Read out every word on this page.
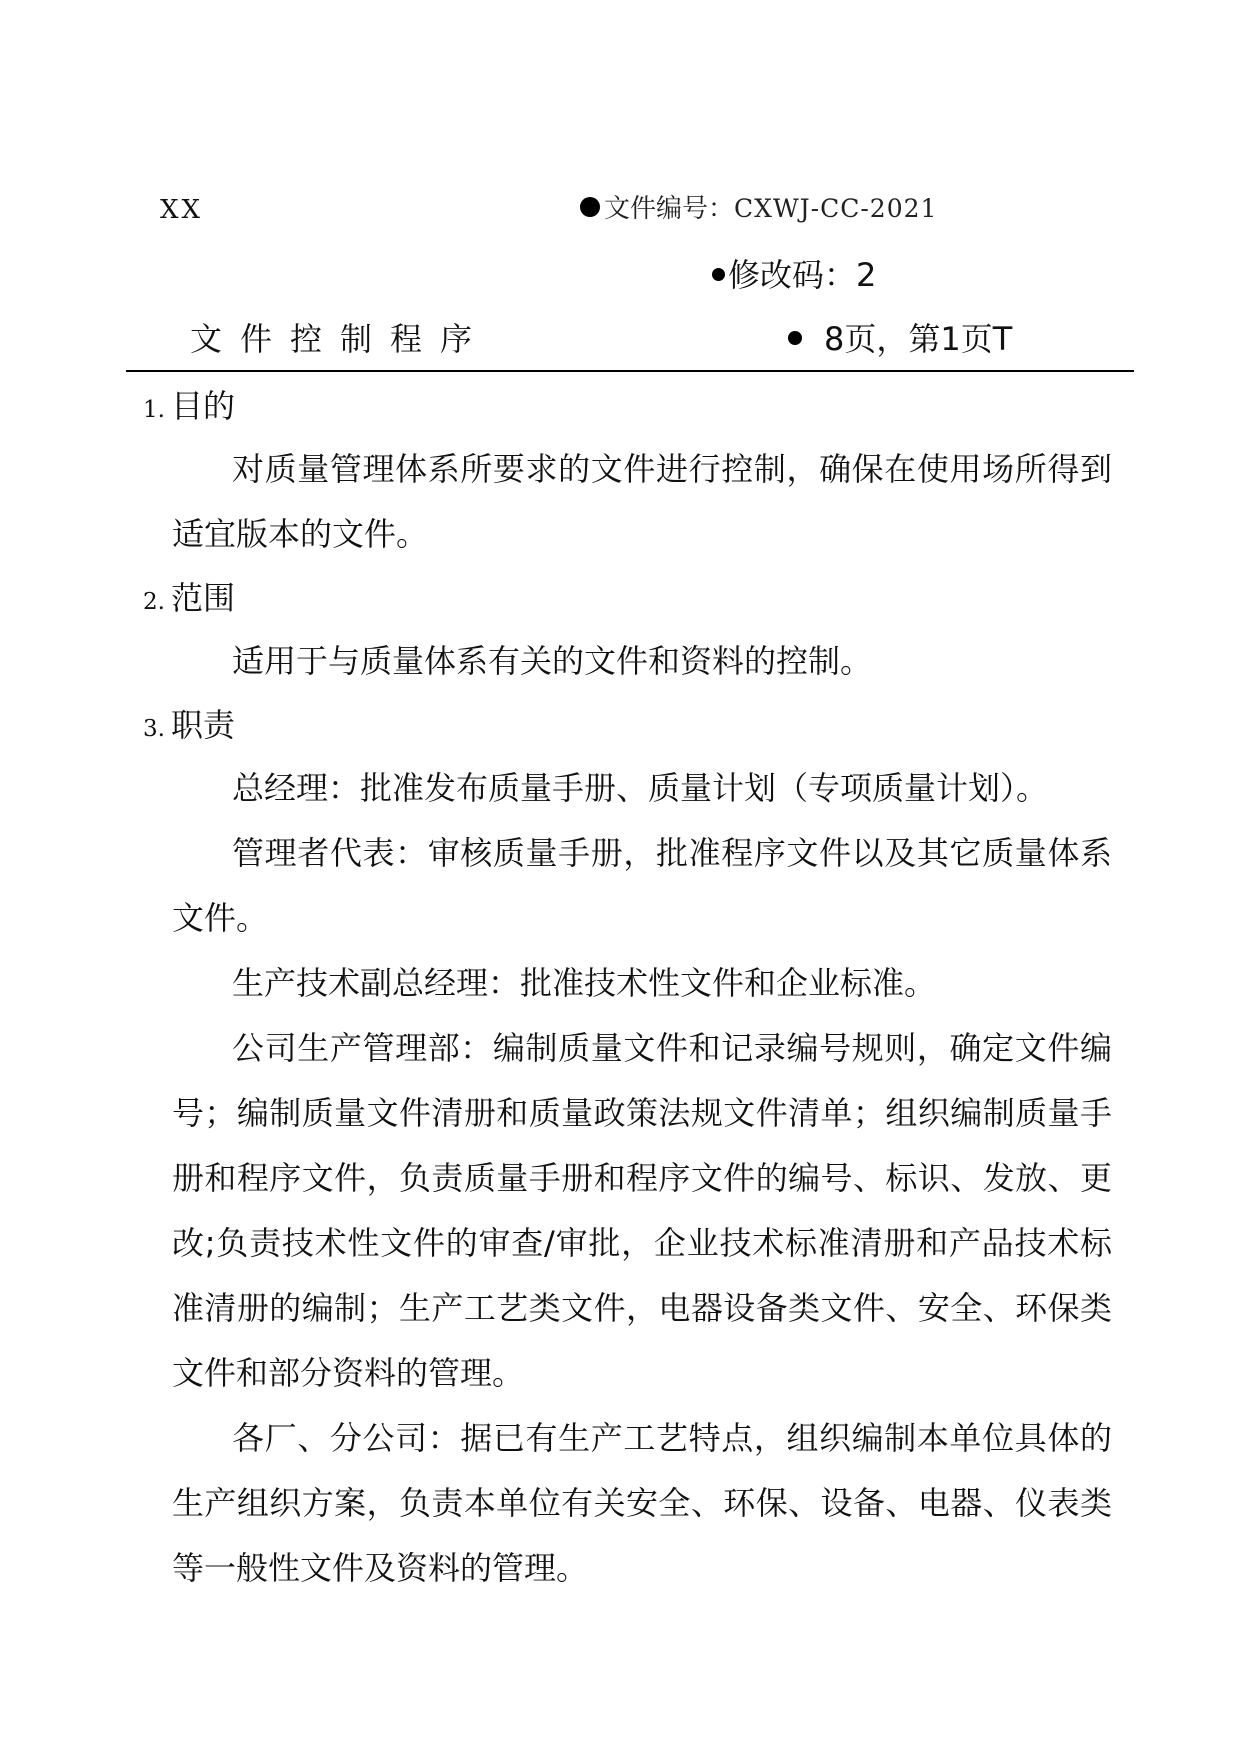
XX	文件编号：CXWJ-CC-2021
修改码：2
文件控制程序	8页，第1页T
1. 目的

对质量管理体系所要求的文件进行控制，确保在使用场所得到适宜版本的文件。

2. 范围

适用于与质量体系有关的文件和资料的控制。

3. 职责

总经理：批准发布质量手册、质量计划（专项质量计划）。

管理者代表：审核质量手册，批准程序文件以及其它质量体系文件。

生产技术副总经理：批准技术性文件和企业标准。

公司生产管理部：编制质量文件和记录编号规则，确定文件编号；编制质量文件清册和质量政策法规文件清单；组织编制质量手册和程序文件，负责质量手册和程序文件的编号、标识、发放、更改;负责技术性文件的审查/审批，企业技术标准清册和产品技术标准清册的编制；生产工艺类文件，电器设备类文件、安全、环保类文件和部分资料的管理。

各厂、分公司：据已有生产工艺特点，组织编制本单位具体的生产组织方案，负责本单位有关安全、环保、设备、电器、仪表类等一般性文件及资料的管理。
